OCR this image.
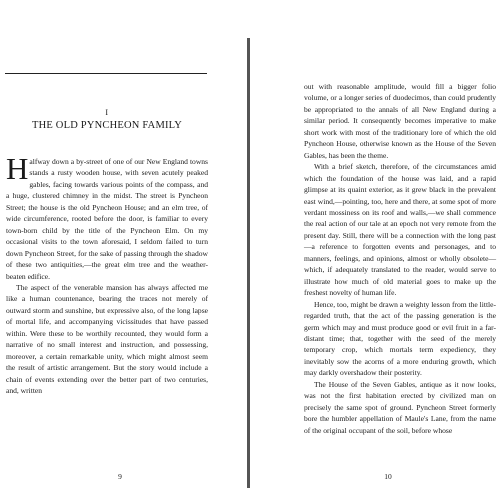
I
THE OLD PYNCHEON FAMILY

Halfway down a by-street of one of our New England towns stands a rusty wooden house, with seven acutely peaked gables, facing towards various points of the compass, and a huge, clustered chimney in the midst. The street is Pyncheon Street; the house is the old Pyncheon House; and an elm tree, of wide circumference, rooted before the door, is familiar to every town-born child by the title of the Pyncheon Elm. On my occasional visits to the town aforesaid, I seldom failed to turn down Pyncheon Street, for the sake of passing through the shadow of these two antiquities,—the great elm tree and the weather-beaten edifice.

The aspect of the venerable mansion has always affected me like a human countenance, bearing the traces not merely of outward storm and sunshine, but expressive also, of the long lapse of mortal life, and accompanying vicissitudes that have passed within. Were these to be worthily recounted, they would form a narrative of no small interest and instruction, and possessing, moreover, a certain remarkable unity, which might almost seem the result of artistic arrangement. But the story would include a chain of events extending over the better part of two centuries, and, written

9

out with reasonable amplitude, would fill a bigger folio volume, or a longer series of duodecimos, than could prudently be appropriated to the annals of all New England during a similar period. It consequently becomes imperative to make short work with most of the traditionary lore of which the old Pyncheon House, otherwise known as the House of the Seven Gables, has been the theme.

With a brief sketch, therefore, of the circumstances amid which the foundation of the house was laid, and a rapid glimpse at its quaint exterior, as it grew black in the prevalent east wind,—pointing, too, here and there, at some spot of more verdant mossiness on its roof and walls,—we shall commence the real action of our tale at an epoch not very remote from the present day. Still, there will be a connection with the long past—a reference to forgotten events and personages, and to manners, feelings, and opinions, almost or wholly obsolete—which, if adequately translated to the reader, would serve to illustrate how much of old material goes to make up the freshest novelty of human life.

Hence, too, might be drawn a weighty lesson from the little-regarded truth, that the act of the passing generation is the germ which may and must produce good or evil fruit in a far-distant time; that, together with the seed of the merely temporary crop, which mortals term expediency, they inevitably sow the acorns of a more enduring growth, which may darkly overshadow their posterity.

The House of the Seven Gables, antique as it now looks, was not the first habitation erected by civilized man on precisely the same spot of ground. Pyncheon Street formerly bore the humbler appellation of Maule's Lane, from the name of the original occupant of the soil, before whose

10
